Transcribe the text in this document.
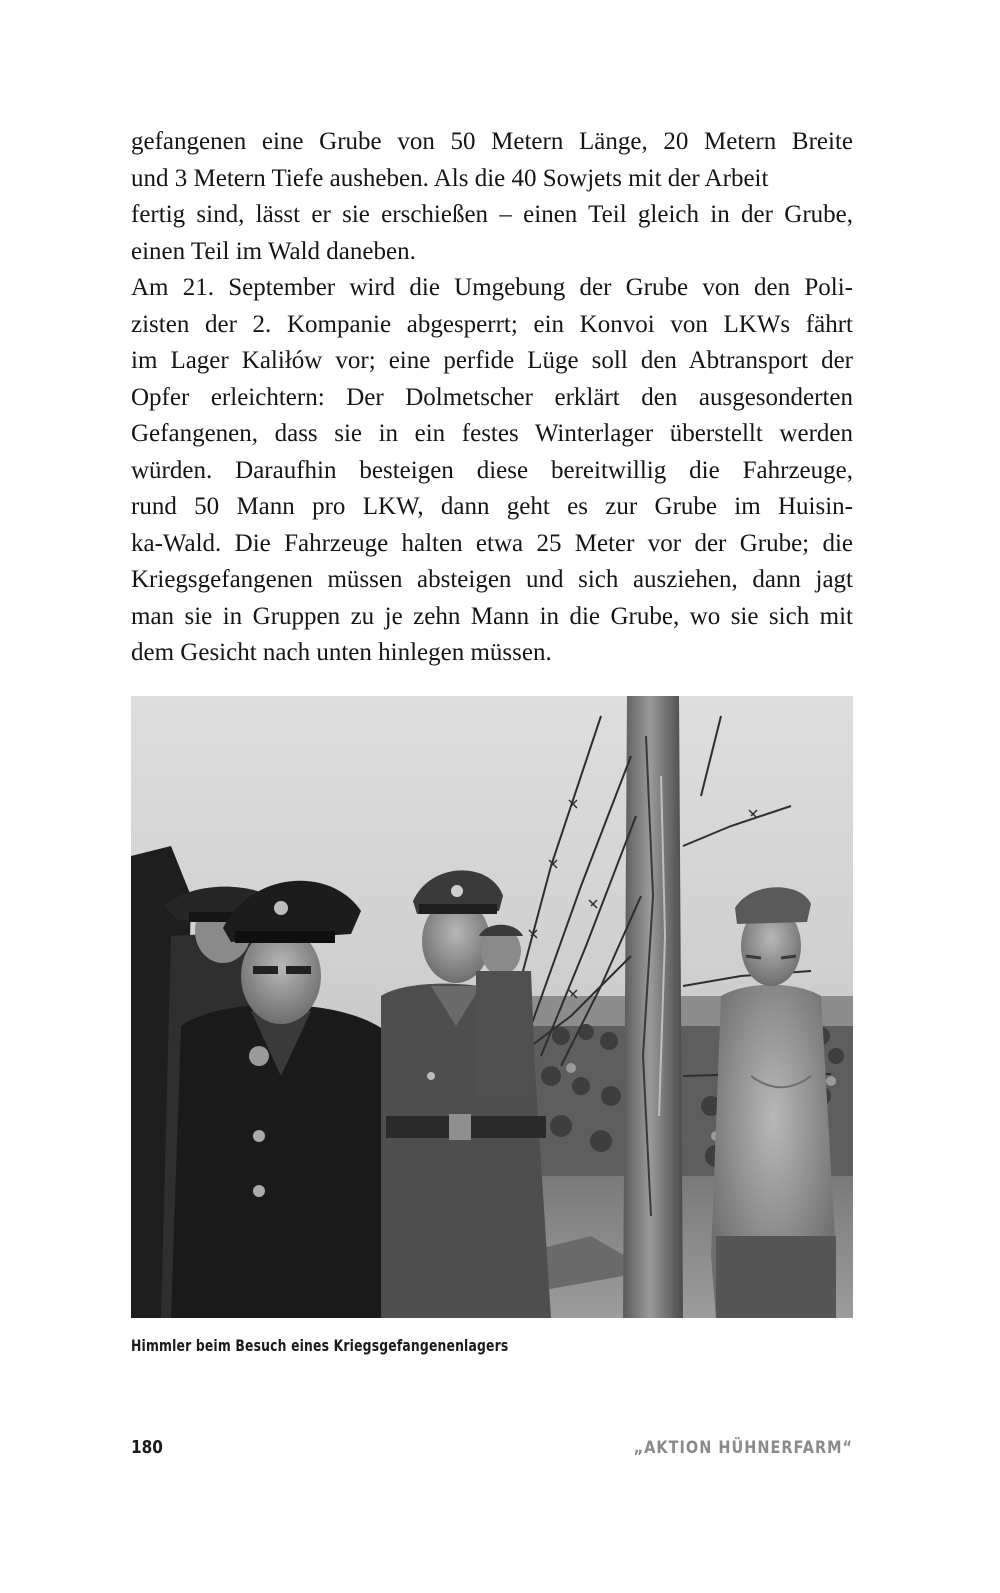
gefangenen eine Grube von 50 Metern Länge, 20 Metern Breite
und 3 Metern Tiefe ausheben. Als die 40 Sowjets mit der Arbeit
fertig sind, lässt er sie erschießen – einen Teil gleich in der Grube,
einen Teil im Wald daneben.
Am 21. September wird die Umgebung der Grube von den Poli-
zisten der 2. Kompanie abgesperrt; ein Konvoi von LKWs fährt
im Lager Kaliłów vor; eine perfide Lüge soll den Abtransport der
Opfer erleichtern: Der Dolmetscher erklärt den ausgesonderten
Gefangenen, dass sie in ein festes Winterlager überstellt werden
würden. Daraufhin besteigen diese bereitwillig die Fahrzeuge,
rund 50 Mann pro LKW, dann geht es zur Grube im Huisin-
ka-Wald. Die Fahrzeuge halten etwa 25 Meter vor der Grube; die
Kriegsgefangenen müssen absteigen und sich ausziehen, dann jagt
man sie in Gruppen zu je zehn Mann in die Grube, wo sie sich mit
dem Gesicht nach unten hinlegen müssen.
Himmler beim Besuch eines Kriegsgefangenenlagers
180	„AKTION HÜHNERFARM“
